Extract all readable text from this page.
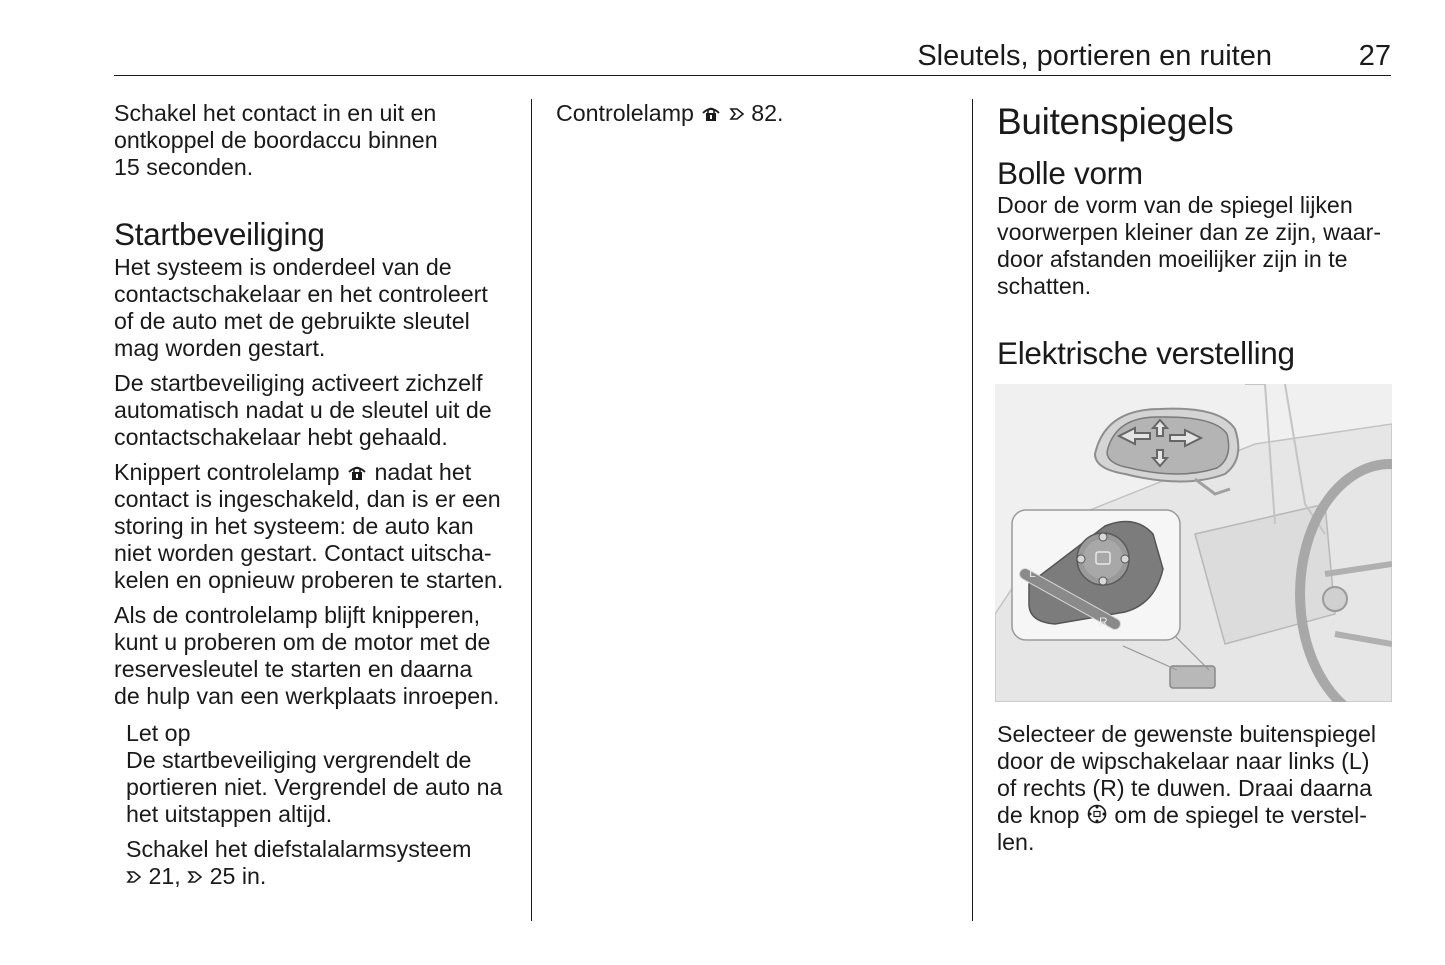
Sleutels, portieren en ruiten	27

Schakel het contact in en uit en
ontkoppel de boordaccu binnen
15 seconden.

Startbeveiliging

Het systeem is onderdeel van de
contactschakelaar en het controleert
of de auto met de gebruikte sleutel
mag worden gestart.

De startbeveiliging activeert zichzelf
automatisch nadat u de sleutel uit de
contactschakelaar hebt gehaald.

Knippert controlelamp nadat het
contact is ingeschakeld, dan is er een
storing in het systeem: de auto kan
niet worden gestart. Contact uitscha-
kelen en opnieuw proberen te starten.

Als de controlelamp blijft knipperen,
kunt u proberen om de motor met de
reservesleutel te starten en daarna
de hulp van een werkplaats inroepen.

Let op
De startbeveiliging vergrendelt de
portieren niet. Vergrendel de auto na
het uitstappen altijd.
Schakel het diefstalalarmsysteem
21, 25 in.
Controlelamp 82.	Buitenspiegels
Bolle vorm

Door de vorm van de spiegel lijken
voorwerpen kleiner dan ze zijn, waar-
door afstanden moeilijker zijn in te
schatten.

Elektrische verstelling
L
R

Selecteer de gewenste buitenspiegel
door de wipschakelaar naar links (L)
of rechts (R) te duwen. Draai daarna
de knop om de spiegel te verstel-
len.
